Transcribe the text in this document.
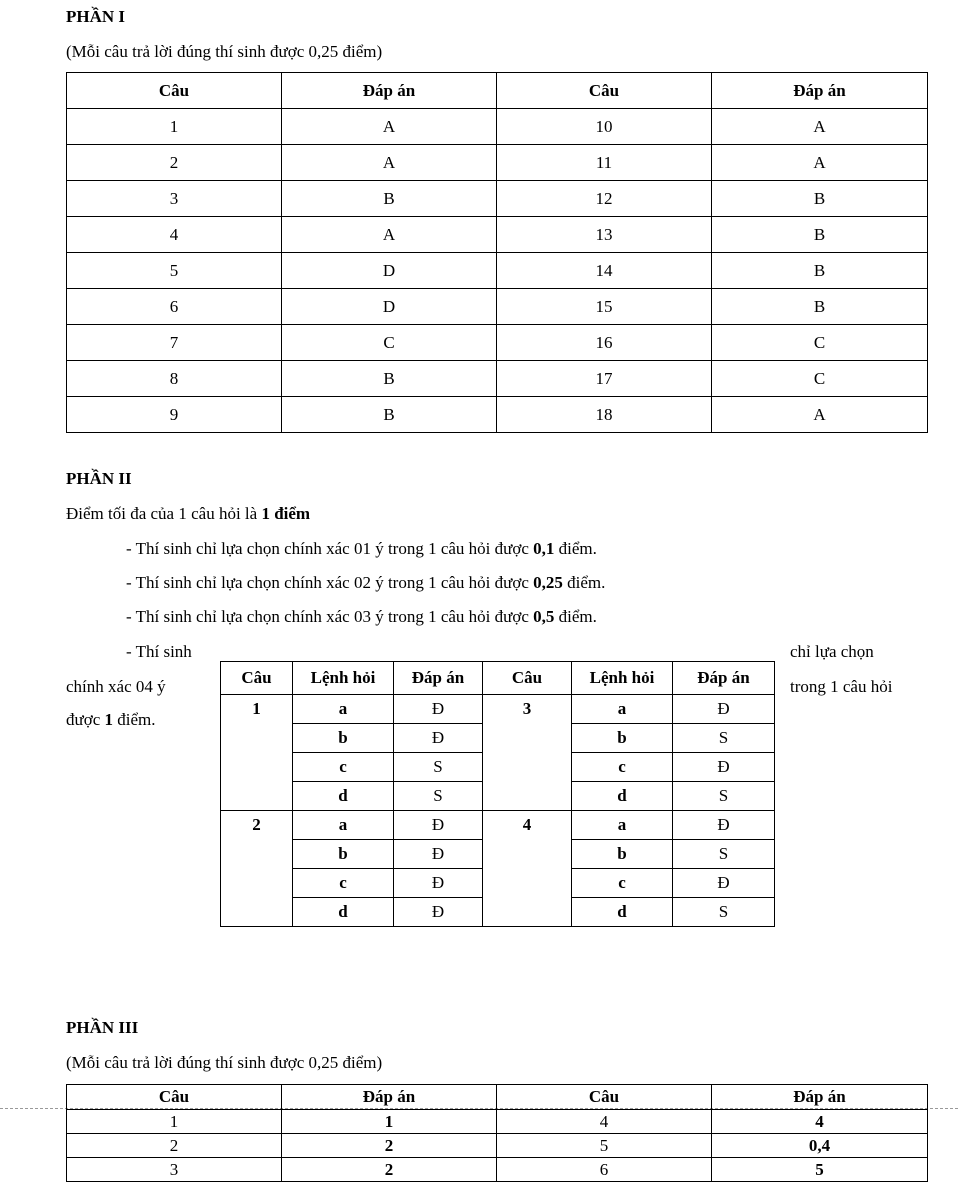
PHẦN I
(Mỗi câu trả lời đúng thí sinh được 0,25 điểm)
Câu	Đáp án	Câu	Đáp án
1	A	10	A
2	A	11	A
3	B	12	B
4	A	13	B
5	D	14	B
6	D	15	B
7	C	16	C
8	B	17	C
9	B	18	A
PHẦN II
Điểm tối đa của 1 câu hỏi là 1 điểm
- Thí sinh chỉ lựa chọn chính xác 01 ý trong 1 câu hỏi được 0,1 điểm.
- Thí sinh chỉ lựa chọn chính xác 02 ý trong 1 câu hỏi được 0,25 điểm.
- Thí sinh chỉ lựa chọn chính xác 03 ý trong 1 câu hỏi được 0,5 điểm.
- Thí sinh	chỉ lựa chọn
chính xác 04 ý	trong 1 câu hỏi
được 1 điểm.
Câu	Lệnh hỏi	Đáp án	Câu	Lệnh hỏi	Đáp án
1	a	Đ	3	a	Đ
	b	Đ		b	S
	c	S		c	Đ
	d	S		d	S
2	a	Đ	4	a	Đ
	b	Đ		b	S
	c	Đ		c	Đ
	d	Đ		d	S
PHẦN III
(Mỗi câu trả lời đúng thí sinh được 0,25 điểm)
Câu	Đáp án	Câu	Đáp án
1	1	4	4
2	2	5	0,4
3	2	6	5
